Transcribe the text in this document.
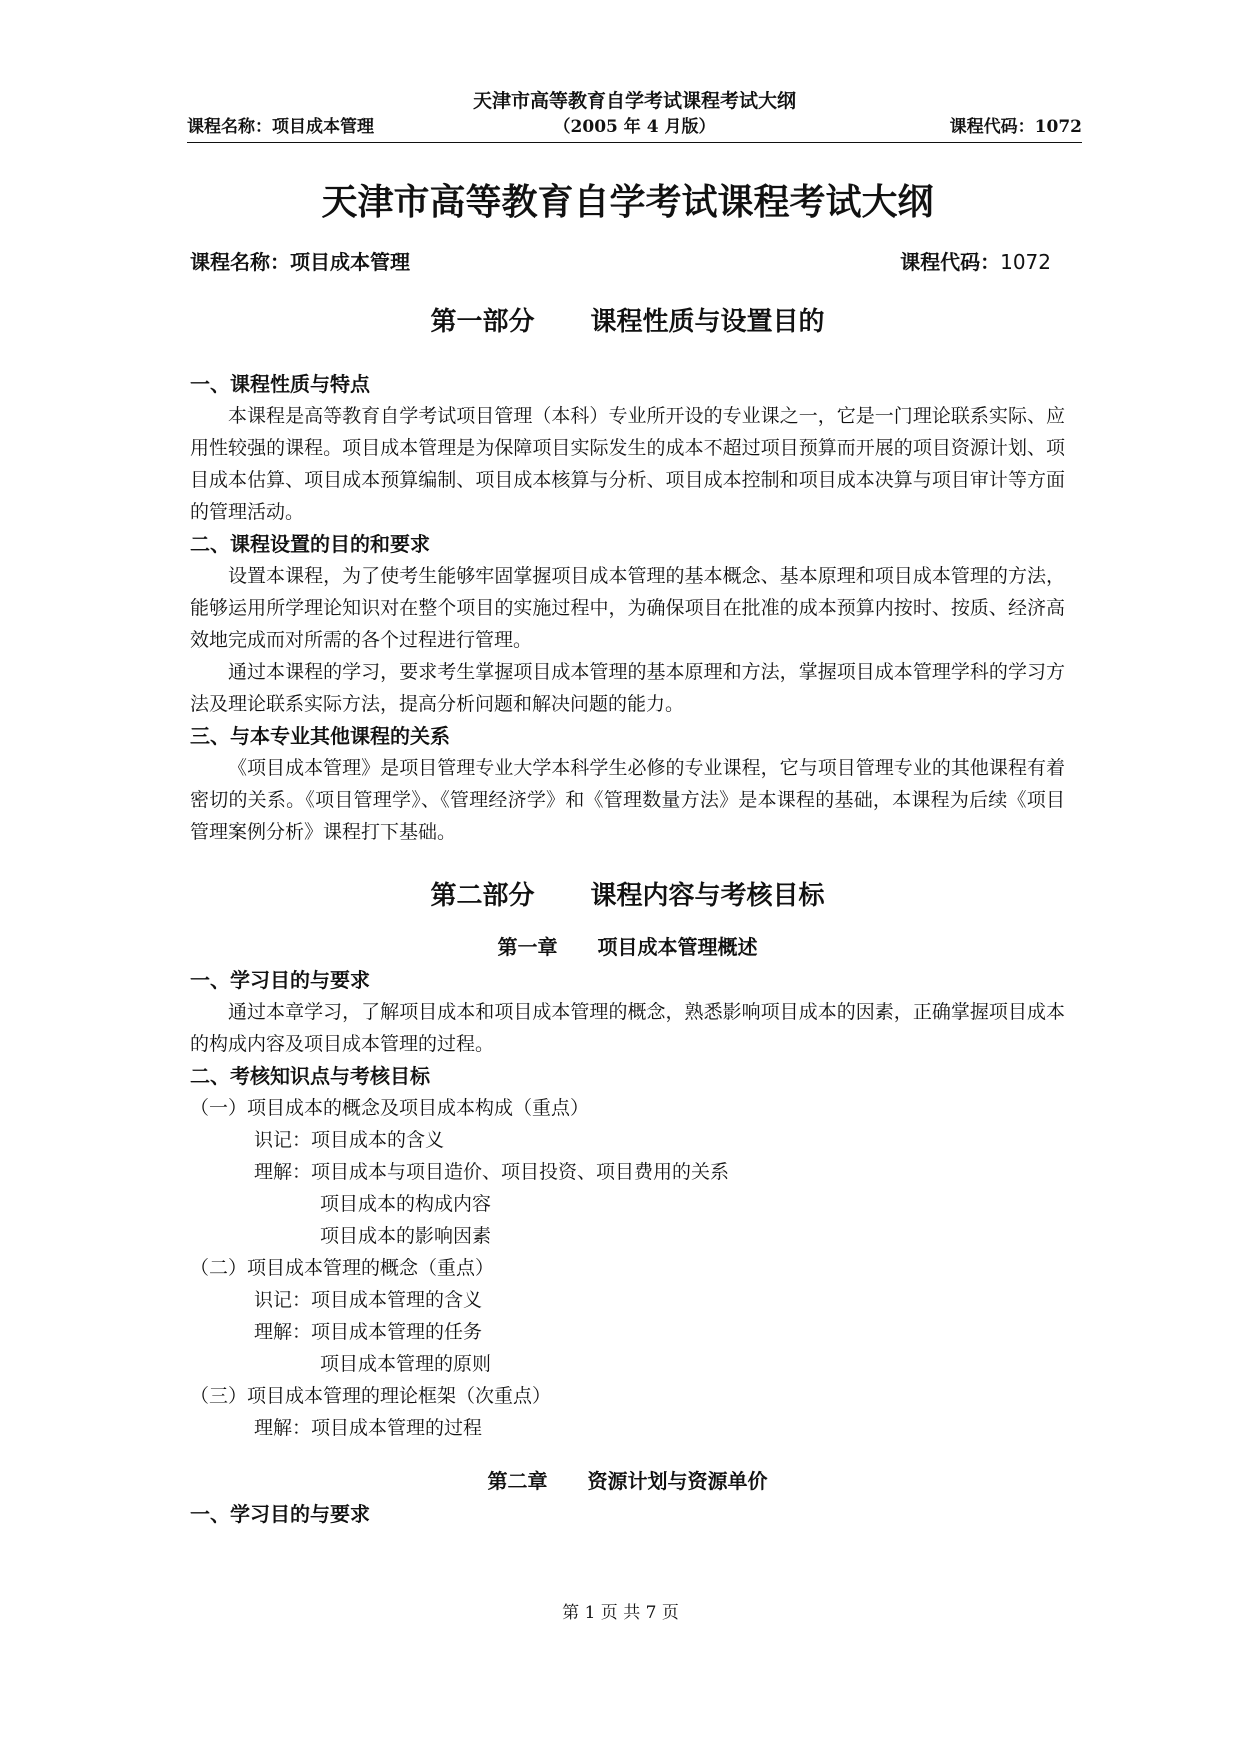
天津市高等教育自学考试课程考试大纲
课程名称：项目成本管理	（2005 年 4 月版）	课程代码：1072
天津市高等教育自学考试课程考试大纲
课程名称：项目成本管理	课程代码：1072
第一部分 课程性质与设置目的
一、课程性质与特点
本课程是高等教育自学考试项目管理（本科）专业所开设的专业课之一，它是一门理论联系实际、应用性较强的课程。项目成本管理是为保障项目实际发生的成本不超过项目预算而开展的项目资源计划、项目成本估算、项目成本预算编制、项目成本核算与分析、项目成本控制和项目成本决算与项目审计等方面的管理活动。
二、课程设置的目的和要求
设置本课程，为了使考生能够牢固掌握项目成本管理的基本概念、基本原理和项目成本管理的方法，能够运用所学理论知识对在整个项目的实施过程中，为确保项目在批准的成本预算内按时、按质、经济高效地完成而对所需的各个过程进行管理。
通过本课程的学习，要求考生掌握项目成本管理的基本原理和方法，掌握项目成本管理学科的学习方法及理论联系实际方法，提高分析问题和解决问题的能力。
三、与本专业其他课程的关系
《项目成本管理》是项目管理专业大学本科学生必修的专业课程，它与项目管理专业的其他课程有着密切的关系。《项目管理学》、《管理经济学》和《管理数量方法》是本课程的基础，本课程为后续《项目管理案例分析》课程打下基础。
第二部分 课程内容与考核目标
第一章 项目成本管理概述
一、学习目的与要求
通过本章学习，了解项目成本和项目成本管理的概念，熟悉影响项目成本的因素，正确掌握项目成本的构成内容及项目成本管理的过程。
二、考核知识点与考核目标
（一）项目成本的概念及项目成本构成（重点）
识记：项目成本的含义
理解：项目成本与项目造价、项目投资、项目费用的关系
项目成本的构成内容
项目成本的影响因素
（二）项目成本管理的概念（重点）
识记：项目成本管理的含义
理解：项目成本管理的任务
项目成本管理的原则
（三）项目成本管理的理论框架（次重点）
理解：项目成本管理的过程
第二章 资源计划与资源单价
一、学习目的与要求
第 1 页 共 7 页
